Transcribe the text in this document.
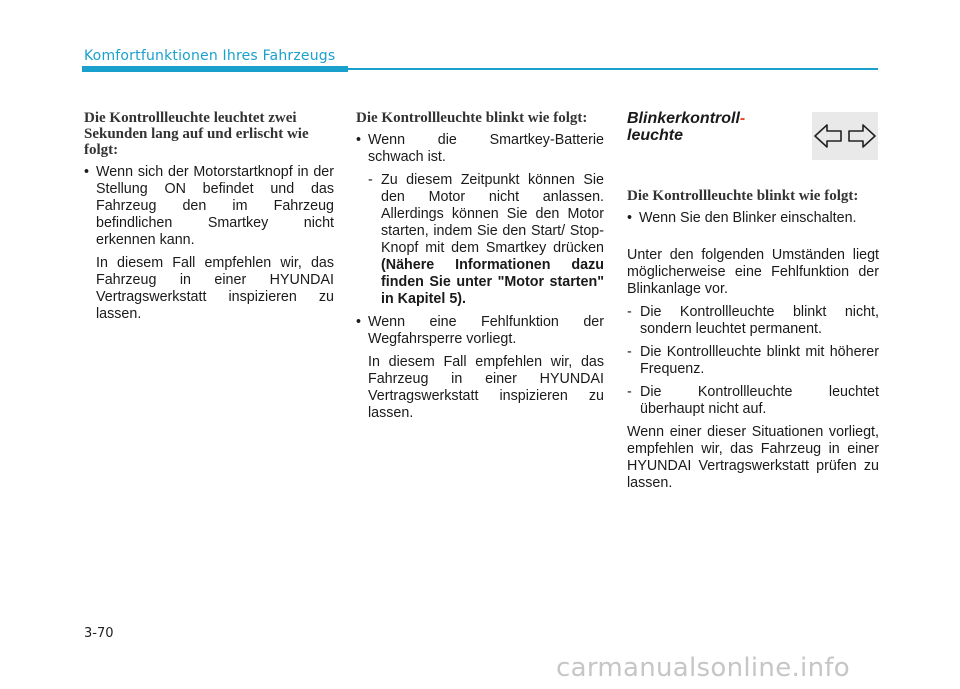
Komfortfunktionen Ihres Fahrzeugs

Die Kontrollleuchte leuchtet zwei Sekunden lang auf und erlischt wie folgt:

• Wenn sich der Motorstartknopf in der Stellung ON befindet und das Fahrzeug den im Fahrzeug befindlichen Smartkey nicht erkennen kann.
In diesem Fall empfehlen wir, das Fahrzeug in einer HYUNDAI Vertragswerkstatt inspizieren zu lassen.

Die Kontrollleuchte blinkt wie folgt:

• Wenn die Smartkey-Batterie schwach ist.
- Zu diesem Zeitpunkt können Sie den Motor nicht anlassen. Allerdings können Sie den Motor starten, indem Sie den Start/ Stop-Knopf mit dem Smartkey drücken (Nähere Informationen dazu finden Sie unter "Motor starten" in Kapitel 5).
• Wenn eine Fehlfunktion der Wegfahrsperre vorliegt.
In diesem Fall empfehlen wir, das Fahrzeug in einer HYUNDAI Vertragswerkstatt inspizieren zu lassen.
Blinkerkontroll-
leuchte

Die Kontrollleuchte blinkt wie folgt:

• Wenn Sie den Blinker einschalten.
Unter den folgenden Umständen liegt möglicherweise eine Fehlfunktion der Blinkanlage vor.
- Die Kontrollleuchte blinkt nicht, sondern leuchtet permanent.
- Die Kontrollleuchte blinkt mit höherer Frequenz.
- Die Kontrollleuchte leuchtet überhaupt nicht auf.
Wenn einer dieser Situationen vorliegt, empfehlen wir, das Fahrzeug in einer HYUNDAI Vertragswerkstatt prüfen zu lassen.
3-70
carmanualsonline.info
